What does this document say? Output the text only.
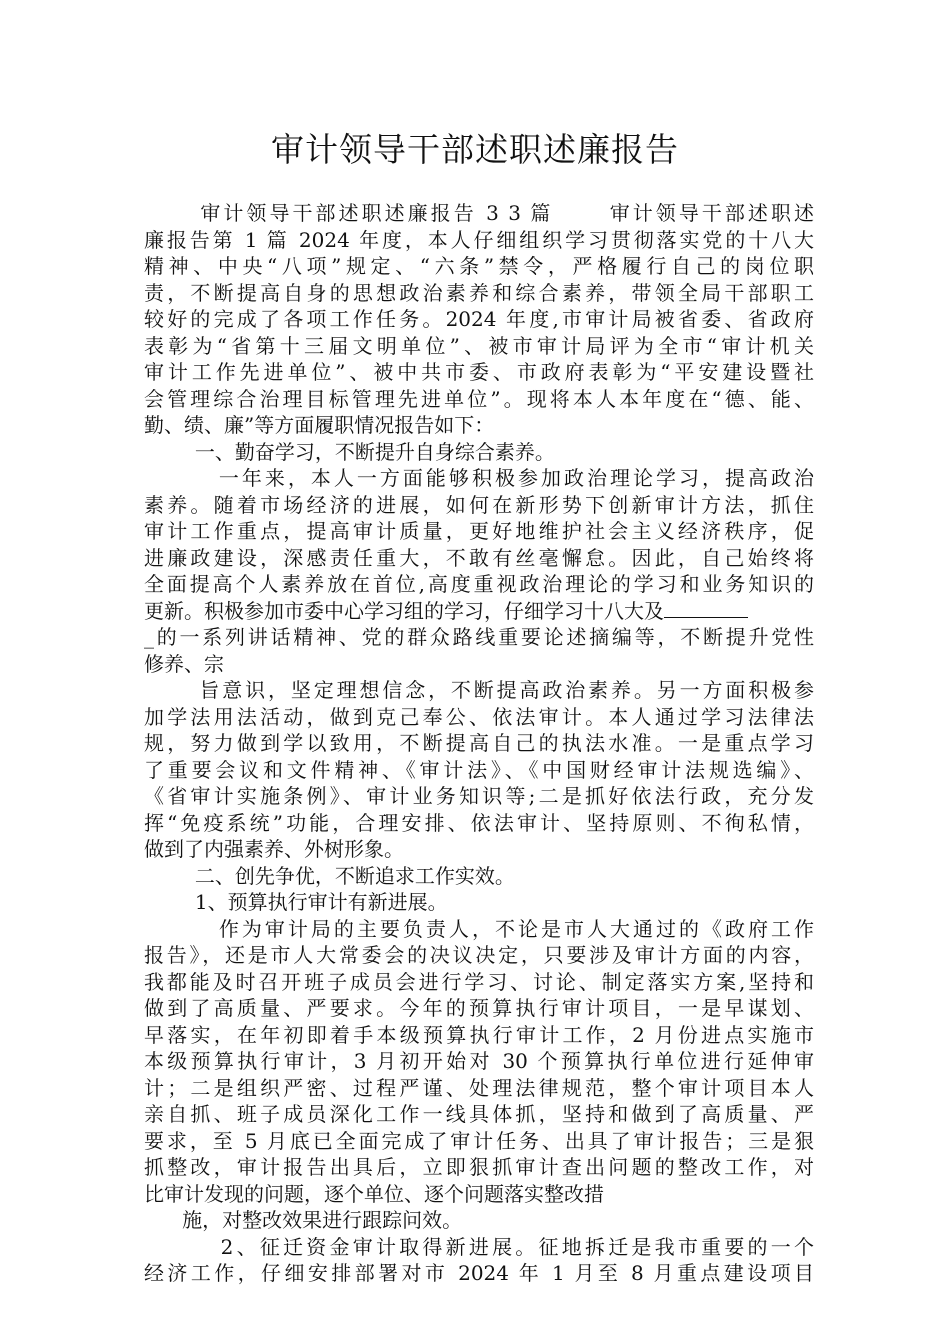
审计领导干部述职述廉报告
审计领导干部述职述廉报告 3 3 篇      审计领导干部述职述
廉报告第 1 篇 2024 年度，本人仔细组织学习贯彻落实党的十八大
精神、中央“八项”规定、“六条”禁令，严格履行自己的岗位职
责，不断提高自身的思想政治素养和综合素养，带领全局干部职工
较好的完成了各项工作任务。2024 年度,市审计局被省委、省政府
表彰为“省第十三届文明单位”、被市审计局评为全市“审计机关
审计工作先进单位”、被中共市委、市政府表彰为“平安建设暨社
会管理综合治理目标管理先进单位”。现将本人本年度在“德、能、
勤、绩、廉”等方面履职情况报告如下：
一、勤奋学习，不断提升自身综合素养。
一年来，本人一方面能够积极参加政治理论学习，提高政治
素养。随着市场经济的进展，如何在新形势下创新审计方法，抓住
审计工作重点，提高审计质量，更好地维护社会主义经济秩序，促
进廉政建设，深感责任重大，不敢有丝毫懈怠。因此，自己始终将
全面提高个人素养放在首位,高度重视政治理论的学习和业务知识的
更新。积极参加市委中心学习组的学习，仔细学习十八大及
_的一系列讲话精神、党的群众路线重要论述摘编等，不断提升党性
修养、宗
旨意识，坚定理想信念，不断提高政治素养。另一方面积极参
加学法用法活动，做到克己奉公、依法审计。本人通过学习法律法
规，努力做到学以致用，不断提高自己的执法水准。一是重点学习
了重要会议和文件精神、《审计法》、《中国财经审计法规选编》、
《省审计实施条例》、审计业务知识等;二是抓好依法行政，充分发
挥“免疫系统”功能，合理安排、依法审计、坚持原则、不徇私情，
做到了内强素养、外树形象。
二、创先争优，不断追求工作实效。
1、预算执行审计有新进展。
作为审计局的主要负责人，不论是市人大通过的《政府工作
报告》，还是市人大常委会的决议决定，只要涉及审计方面的内容，
我都能及时召开班子成员会进行学习、讨论、制定落实方案,坚持和
做到了高质量、严要求。今年的预算执行审计项目，一是早谋划、
早落实，在年初即着手本级预算执行审计工作，2 月份进点实施市
本级预算执行审计，3 月初开始对 30 个预算执行单位进行延伸审
计；二是组织严密、过程严谨、处理法律规范，整个审计项目本人
亲自抓、班子成员深化工作一线具体抓，坚持和做到了高质量、严
要求，至 5 月底已全面完成了审计任务、出具了审计报告；三是狠
抓整改，审计报告出具后，立即狠抓审计查出问题的整改工作，对
比审计发现的问题，逐个单位、逐个问题落实整改措
施，对整改效果进行跟踪问效。
2、征迁资金审计取得新进展。征地拆迁是我市重要的一个
经济工作，仔细安排部署对市 2024 年 1 月至 8 月重点建设项目
